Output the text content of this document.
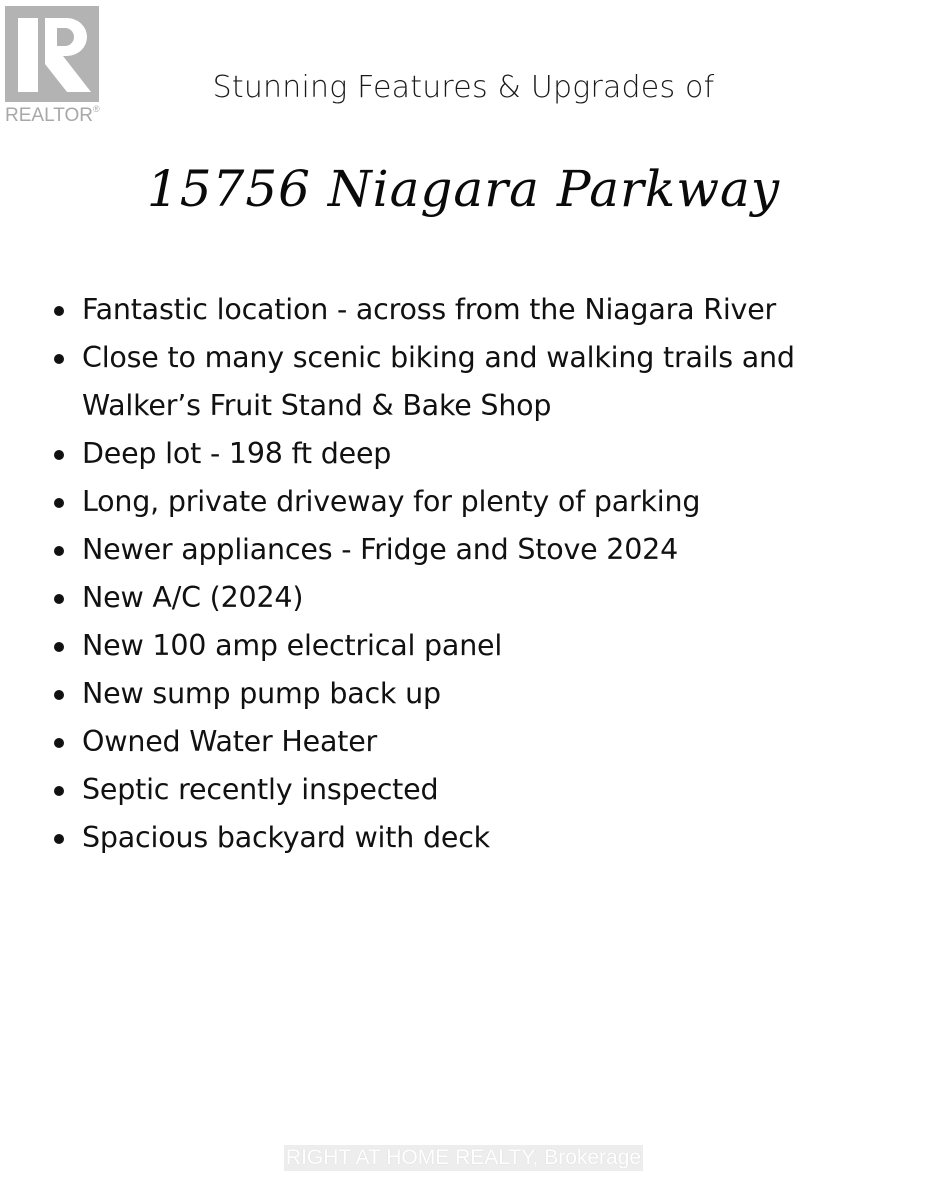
REALTOR®
Stunning Features & Upgrades of
15756 Niagara Parkway
Fantastic location - across from the Niagara River
Close to many scenic biking and walking trails and Walker’s Fruit Stand & Bake Shop
Deep lot - 198 ft deep
Long, private driveway for plenty of parking
Newer appliances - Fridge and Stove 2024
New A/C (2024)
New 100 amp electrical panel
New sump pump back up
Owned Water Heater
Septic recently inspected
Spacious backyard with deck
RIGHT AT HOME REALTY, Brokerage
